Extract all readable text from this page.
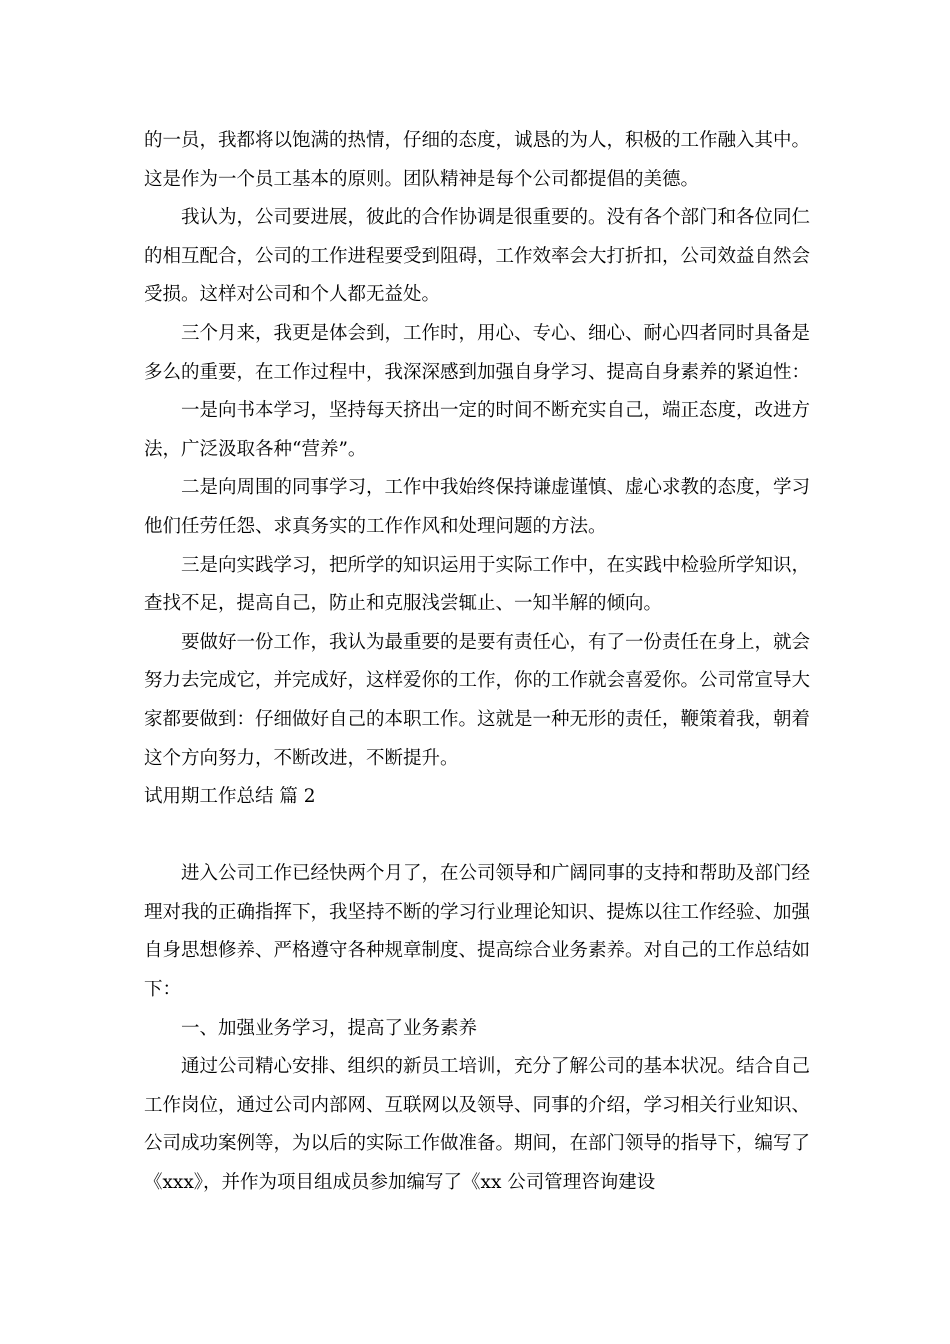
的一员，我都将以饱满的热情，仔细的态度，诚恳的为人，积极的工作融入其中。这是作为一个员工基本的原则。团队精神是每个公司都提倡的美德。

我认为，公司要进展，彼此的合作协调是很重要的。没有各个部门和各位同仁的相互配合，公司的工作进程要受到阻碍，工作效率会大打折扣，公司效益自然会受损。这样对公司和个人都无益处。

三个月来，我更是体会到，工作时，用心、专心、细心、耐心四者同时具备是多么的重要，在工作过程中，我深深感到加强自身学习、提高自身素养的紧迫性：

一是向书本学习，坚持每天挤出一定的时间不断充实自己，端正态度，改进方法，广泛汲取各种“营养”。

二是向周围的同事学习，工作中我始终保持谦虚谨慎、虚心求教的态度，学习他们任劳任怨、求真务实的工作作风和处理问题的方法。

三是向实践学习，把所学的知识运用于实际工作中，在实践中检验所学知识，查找不足，提高自己，防止和克服浅尝辄止、一知半解的倾向。

要做好一份工作，我认为最重要的是要有责任心，有了一份责任在身上，就会努力去完成它，并完成好，这样爱你的工作，你的工作就会喜爱你。公司常宣导大家都要做到：仔细做好自己的本职工作。这就是一种无形的责任，鞭策着我，朝着这个方向努力，不断改进，不断提升。

试用期工作总结 篇 2

进入公司工作已经快两个月了，在公司领导和广阔同事的支持和帮助及部门经理对我的正确指挥下，我坚持不断的学习行业理论知识、提炼以往工作经验、加强自身思想修养、严格遵守各种规章制度、提高综合业务素养。对自己的工作总结如下：

一、加强业务学习，提高了业务素养

通过公司精心安排、组织的新员工培训，充分了解公司的基本状况。结合自己工作岗位，通过公司内部网、互联网以及领导、同事的介绍，学习相关行业知识、公司成功案例等，为以后的实际工作做准备。期间，在部门领导的指导下，编写了《xxx》，并作为项目组成员参加编写了《xx 公司管理咨询建设
